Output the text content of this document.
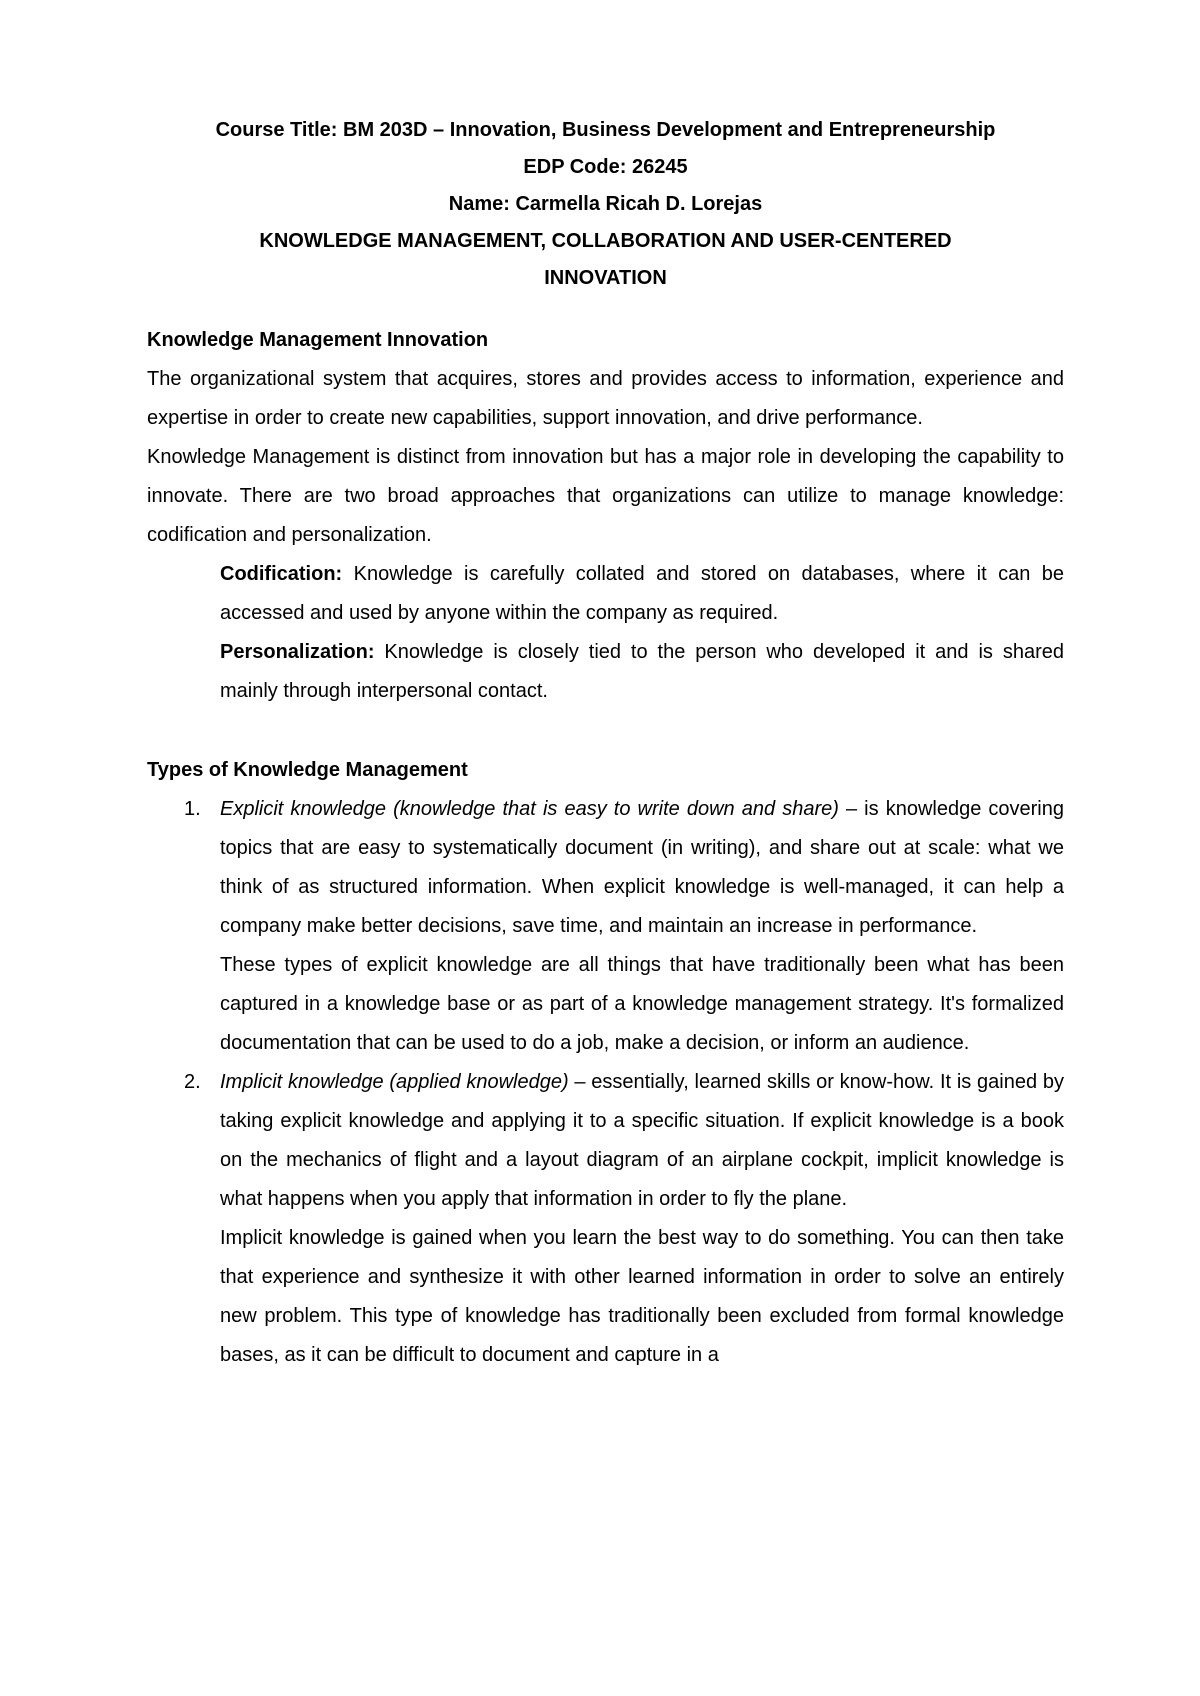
Course Title: BM 203D – Innovation, Business Development and Entrepreneurship
EDP Code: 26245
Name: Carmella Ricah D. Lorejas
KNOWLEDGE MANAGEMENT, COLLABORATION AND USER-CENTERED
INNOVATION
Knowledge Management Innovation

The organizational system that acquires, stores and provides access to information, experience and expertise in order to create new capabilities, support innovation, and drive performance.

Knowledge Management is distinct from innovation but has a major role in developing the capability to innovate. There are two broad approaches that organizations can utilize to manage knowledge: codification and personalization.

Codification: Knowledge is carefully collated and stored on databases, where it can be accessed and used by anyone within the company as required.

Personalization: Knowledge is closely tied to the person who developed it and is shared mainly through interpersonal contact.

Types of Knowledge Management
1. Explicit knowledge (knowledge that is easy to write down and share) – is knowledge covering topics that are easy to systematically document (in writing), and share out at scale: what we think of as structured information. When explicit knowledge is well-managed, it can help a company make better decisions, save time, and maintain an increase in performance.

These types of explicit knowledge are all things that have traditionally been what has been captured in a knowledge base or as part of a knowledge management strategy. It's formalized documentation that can be used to do a job, make a decision, or inform an audience.

2. Implicit knowledge (applied knowledge) – essentially, learned skills or know-how. It is gained by taking explicit knowledge and applying it to a specific situation. If explicit knowledge is a book on the mechanics of flight and a layout diagram of an airplane cockpit, implicit knowledge is what happens when you apply that information in order to fly the plane.

Implicit knowledge is gained when you learn the best way to do something. You can then take that experience and synthesize it with other learned information in order to solve an entirely new problem. This type of knowledge has traditionally been excluded from formal knowledge bases, as it can be difficult to document and capture in a
